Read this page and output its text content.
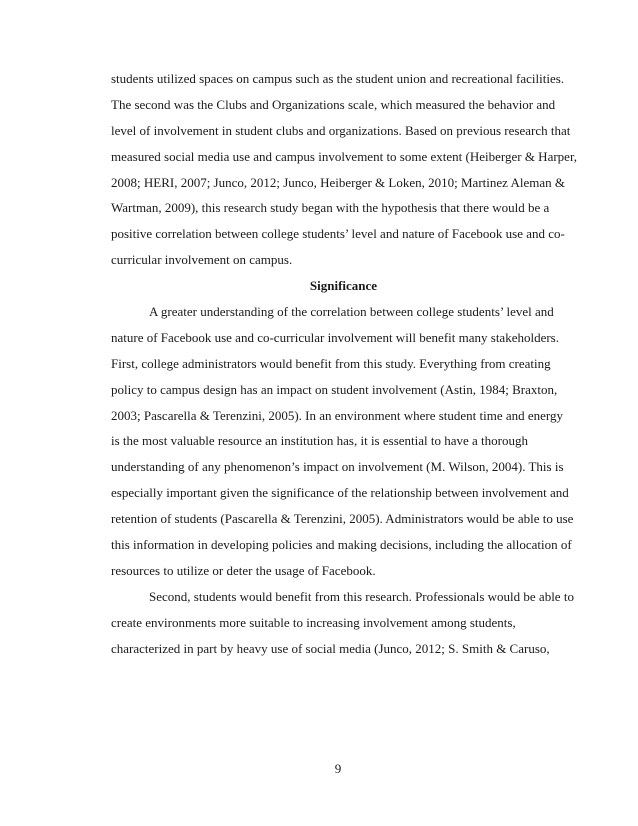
students utilized spaces on campus such as the student union and recreational facilities.
The second was the Clubs and Organizations scale, which measured the behavior and
level of involvement in student clubs and organizations. Based on previous research that
measured social media use and campus involvement to some extent (Heiberger & Harper,
2008; HERI, 2007; Junco, 2012; Junco, Heiberger & Loken, 2010; Martinez Aleman &
Wartman, 2009), this research study began with the hypothesis that there would be a
positive correlation between college students’ level and nature of Facebook use and co-
curricular involvement on campus.
Significance
A greater understanding of the correlation between college students’ level and
nature of Facebook use and co-curricular involvement will benefit many stakeholders.
First, college administrators would benefit from this study. Everything from creating
policy to campus design has an impact on student involvement (Astin, 1984; Braxton,
2003; Pascarella & Terenzini, 2005). In an environment where student time and energy
is the most valuable resource an institution has, it is essential to have a thorough
understanding of any phenomenon’s impact on involvement (M. Wilson, 2004). This is
especially important given the significance of the relationship between involvement and
retention of students (Pascarella & Terenzini, 2005). Administrators would be able to use
this information in developing policies and making decisions, including the allocation of
resources to utilize or deter the usage of Facebook.
Second, students would benefit from this research. Professionals would be able to
create environments more suitable to increasing involvement among students,
characterized in part by heavy use of social media (Junco, 2012; S. Smith & Caruso,
9
